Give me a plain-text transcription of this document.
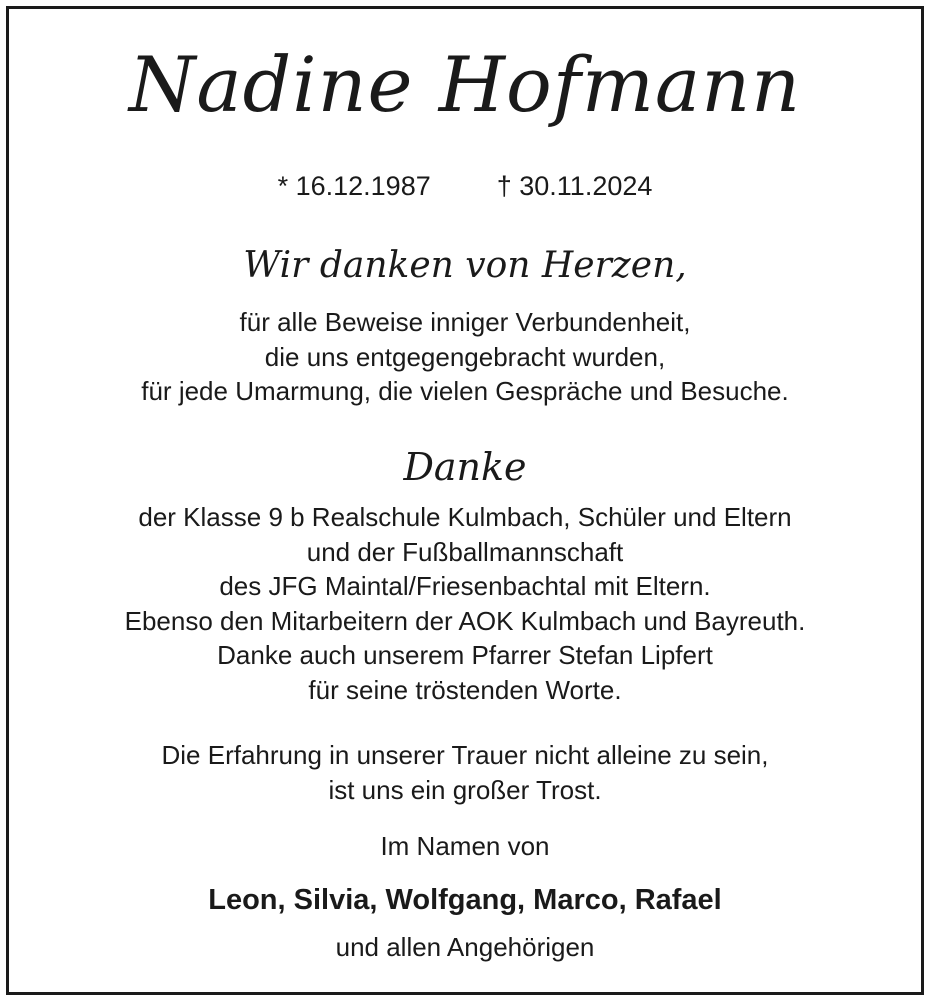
Nadine Hofmann
* 16.12.1987 † 30.11.2024
Wir danken von Herzen,
für alle Beweise inniger Verbundenheit,
die uns entgegengebracht wurden,
für jede Umarmung, die vielen Gespräche und Besuche.
Danke
der Klasse 9 b Realschule Kulmbach, Schüler und Eltern
und der Fußballmannschaft
des JFG Maintal/Friesenbachtal mit Eltern.
Ebenso den Mitarbeitern der AOK Kulmbach und Bayreuth.
Danke auch unserem Pfarrer Stefan Lipfert
für seine tröstenden Worte.
Die Erfahrung in unserer Trauer nicht alleine zu sein,
ist uns ein großer Trost.
Im Namen von
Leon, Silvia, Wolfgang, Marco, Rafael
und allen Angehörigen
